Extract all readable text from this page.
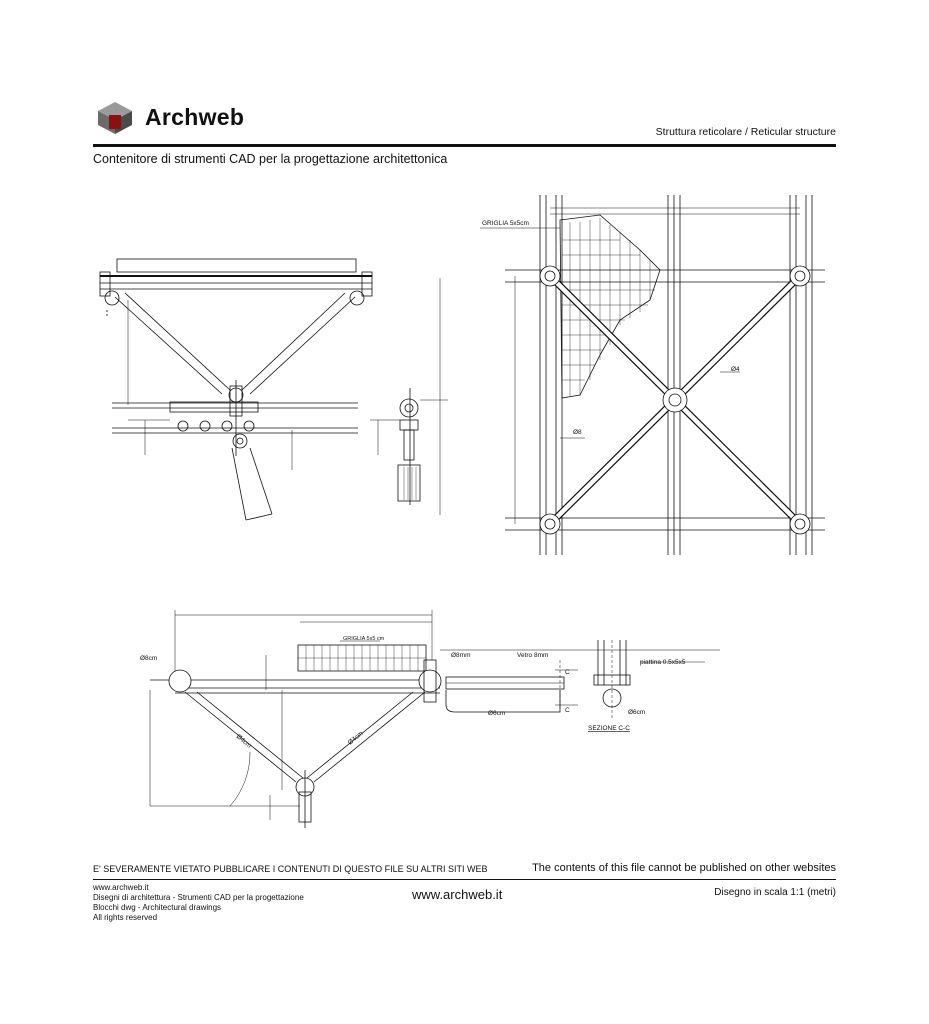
Archweb
Struttura reticolare / Reticular structure
Contenitore di strumenti CAD per la progettazione architettonica
GRIGLIA 5x5cm
Ø4
Ø8
GRIGLIA 5x5 cm
Ø8cm	Ø8mm
Ø4cm	Ø4cm
Vetro 8mm
Ø6cm
C
C
piattina 0.5x5x5
Ø6cm
SEZIONE C-C
E' SEVERAMENTE VIETATO PUBBLICARE I CONTENUTI DI QUESTO FILE SU ALTRI SITI WEB	The contents of this file cannot be published on other websites
www.archweb.it
Disegni di architettura - Strumenti CAD per la progettazione
Blocchi dwg - Architectural drawings
All rights reserved
www.archweb.it	Disegno in scala 1:1 (metri)
